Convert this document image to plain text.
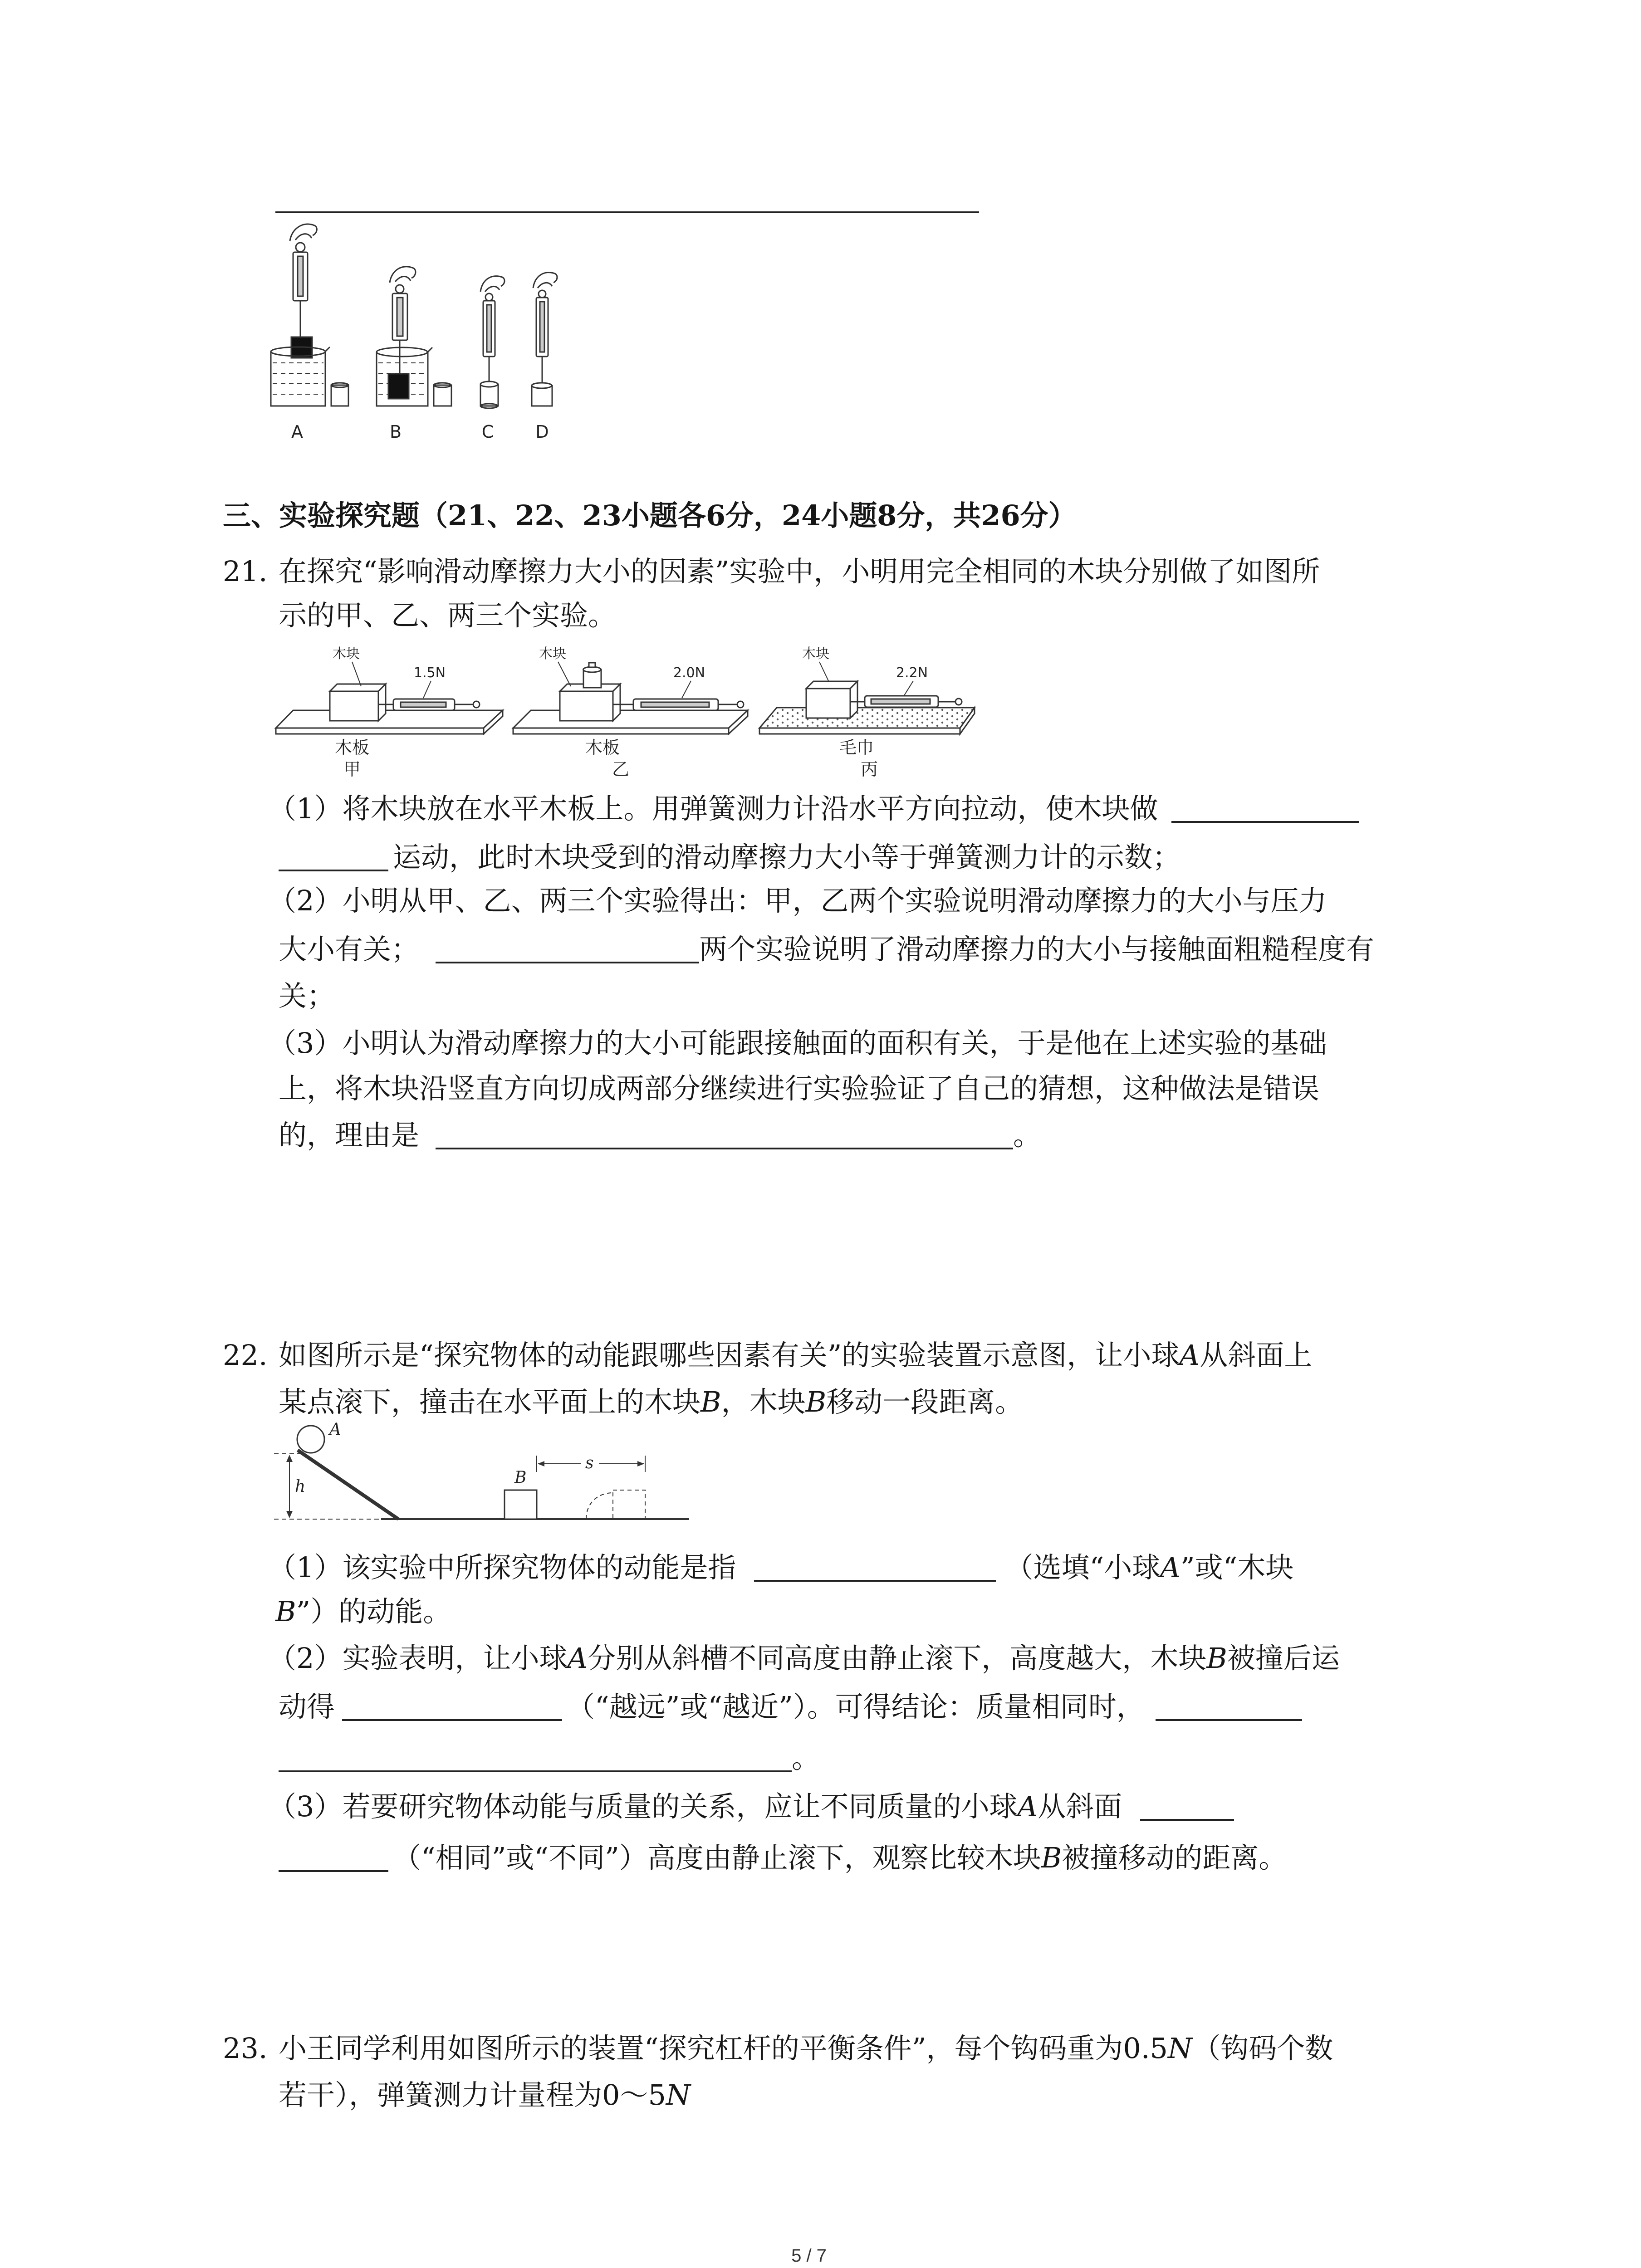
A	B	C D
三、实验探究题（21、22、23小题各6分，24小题8分，共26分）
21. 在探究“影响滑动摩擦力大小的因素”实验中，小明用完全相同的木块分别做了如图所
示的甲、乙、两三个实验。
木块
1.5N
木板
甲
木块
2.0N
木板
乙
木块
2.2N
毛巾
丙
（1）将木块放在水平木板上。用弹簧测力计沿水平方向拉动，使木块做
运动，此时木块受到的滑动摩擦力大小等于弹簧测力计的示数；
（2）小明从甲、乙、两三个实验得出：甲，乙两个实验说明滑动摩擦力的大小与压力
大小有关；	两个实验说明了滑动摩擦力的大小与接触面粗糙程度有
关；
（3）小明认为滑动摩擦力的大小可能跟接触面的面积有关，于是他在上述实验的基础
上，将木块沿竖直方向切成两部分继续进行实验验证了自己的猜想，这种做法是错误
的，理由是	。
22. 如图所示是“探究物体的动能跟哪些因素有关”的实验装置示意图，让小球A从斜面上
某点滚下，撞击在水平面上的木块B，木块B移动一段距离。
A
h	B
s
（1）该实验中所探究物体的动能是指	（选填“小球A”或“木块
B”）的动能。
（2）实验表明，让小球A分别从斜槽不同高度由静止滚下，高度越大，木块B被撞后运
动得	（“越远”或“越近”）。可得结论：质量相同时，
。
（3）若要研究物体动能与质量的关系，应让不同质量的小球A从斜面
（“相同”或“不同”）高度由静止滚下，观察比较木块B被撞移动的距离。
23. 小王同学利用如图所示的装置“探究杠杆的平衡条件”，每个钩码重为0.5N（钩码个数
若干），弹簧测力计量程为0～5N
5 / 7
